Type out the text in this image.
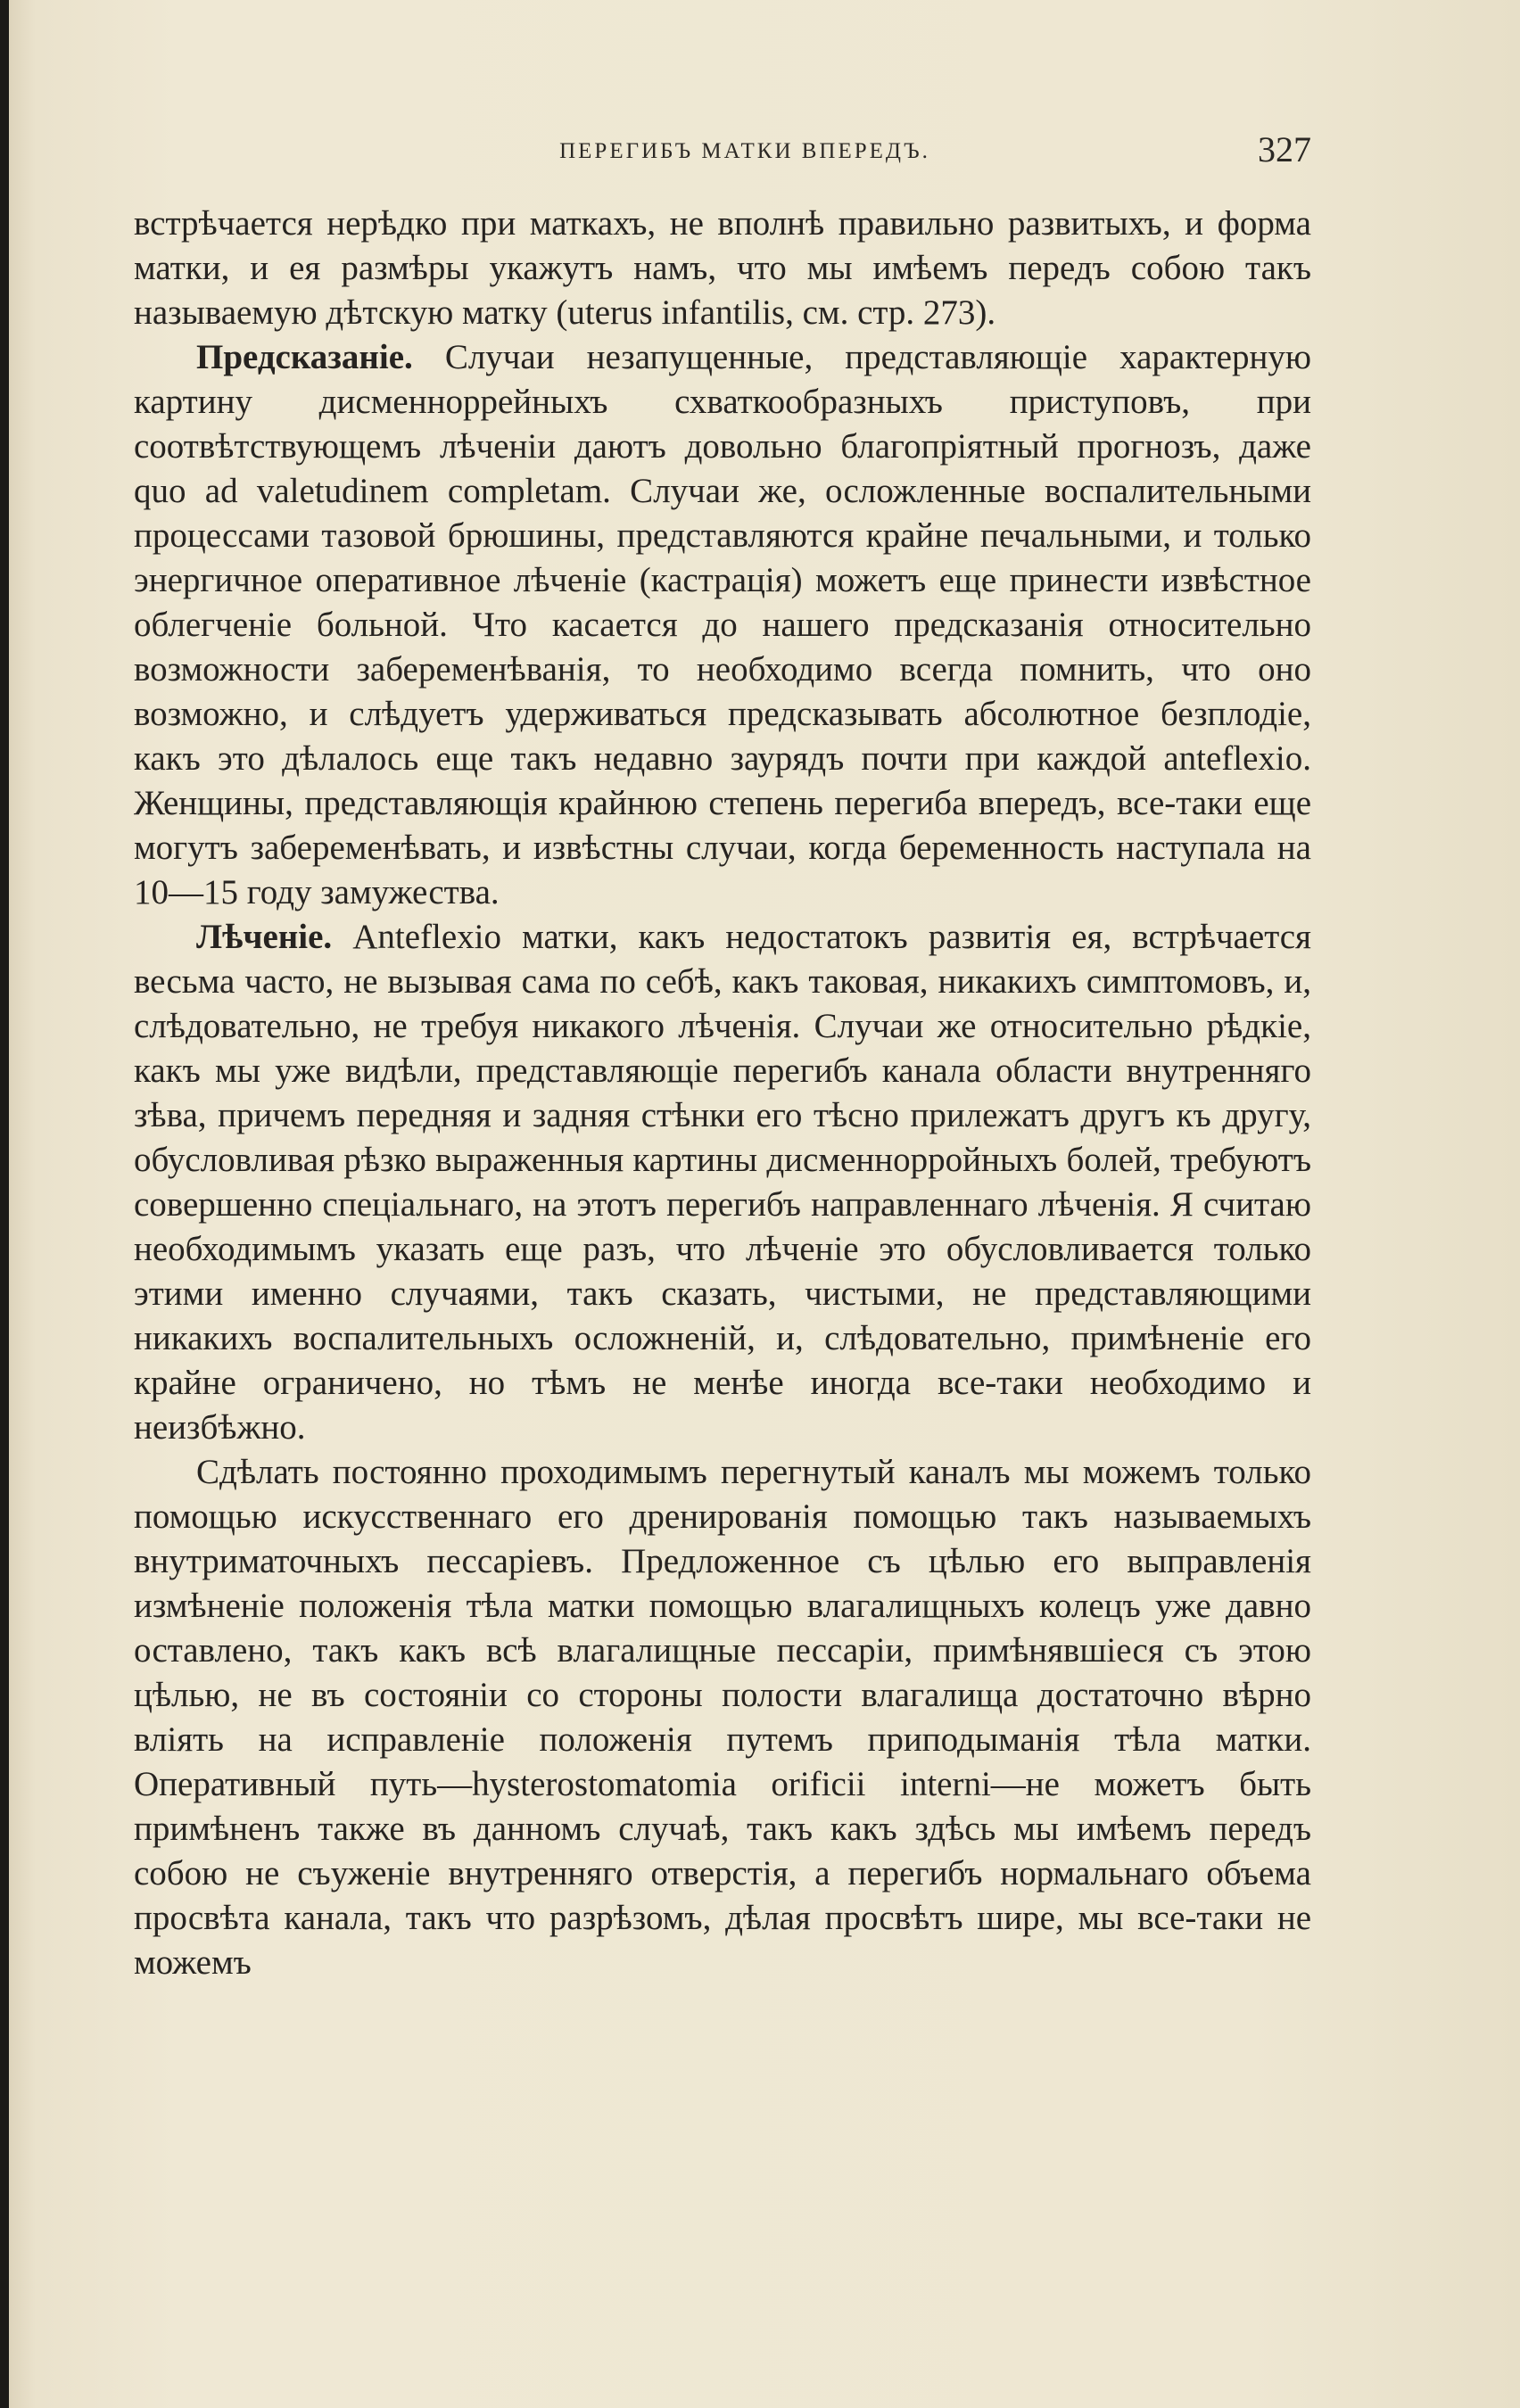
ПЕРЕГИБЪ МАТКИ ВПЕРЕДЪ.	327

встрѣчается нерѣдко при маткахъ, не вполнѣ правильно развитыхъ, и форма матки, и ея размѣры укажутъ намъ, что мы имѣемъ передъ собою такъ называемую дѣтскую матку (uterus infantilis, см. стр. 273).

Предсказаніе. Случаи незапущенные, представляющіе характерную картину дисменноррейныхъ схваткообразныхъ приступовъ, при соотвѣтствующемъ лѣченіи даютъ довольно благопріятный прогнозъ, даже quo ad valetudinem completam. Случаи же, осложленные воспалительными процессами тазовой брюшины, представляются крайне печальными, и только энергичное оперативное лѣченіе (кастрація) можетъ еще принести извѣстное облегченіе больной. Что касается до нашего предсказанія относительно возможности забеременѣванія, то необходимо всегда помнить, что оно возможно, и слѣдуетъ удерживаться предсказывать абсолютное безплодіе, какъ это дѣлалось еще такъ недавно заурядъ почти при каждой anteflexio. Женщины, представляющія крайнюю степень перегиба впередъ, все-таки еще могутъ забеременѣвать, и извѣстны случаи, когда беременность наступала на 10—15 году замужества.

Лѣченіе. Anteflexio матки, какъ недостатокъ развитія ея, встрѣчается весьма часто, не вызывая сама по себѣ, какъ таковая, никакихъ симптомовъ, и, слѣдовательно, не требуя никакого лѣченія. Случаи же относительно рѣдкіе, какъ мы уже видѣли, представляющіе перегибъ канала области внутренняго зѣва, причемъ передняя и задняя стѣнки его тѣсно прилежатъ другъ къ другу, обусловливая рѣзко выраженныя картины дисменнорройныхъ болей, требуютъ совершенно спеціальнаго, на этотъ перегибъ направленнаго лѣченія. Я считаю необходимымъ указать еще разъ, что лѣченіе это обусловливается только этими именно случаями, такъ сказать, чистыми, не представляющими никакихъ воспалительныхъ осложненій, и, слѣдовательно, примѣненіе его крайне ограничено, но тѣмъ не менѣе иногда все-таки необходимо и неизбѣжно.

Сдѣлать постоянно проходимымъ перегнутый каналъ мы можемъ только помощью искусственнаго его дренированія помощью такъ называемыхъ внутриматочныхъ пессаріевъ. Предложенное съ цѣлью его выправленія измѣненіе положенія тѣла матки помощью влагалищныхъ колецъ уже давно оставлено, такъ какъ всѣ влагалищные пессаріи, примѣнявшіеся съ этою цѣлью, не въ состояніи со стороны полости влагалища достаточно вѣрно вліять на исправленіе положенія путемъ приподыманія тѣла матки. Оперативный путь—hysterostomatomia orificii interni—не можетъ быть примѣненъ также въ данномъ случаѣ, такъ какъ здѣсь мы имѣемъ передъ собою не съуженіе внутренняго отверстія, а перегибъ нормальнаго объема просвѣта канала, такъ что разрѣзомъ, дѣлая просвѣтъ шире, мы все-таки не можемъ
